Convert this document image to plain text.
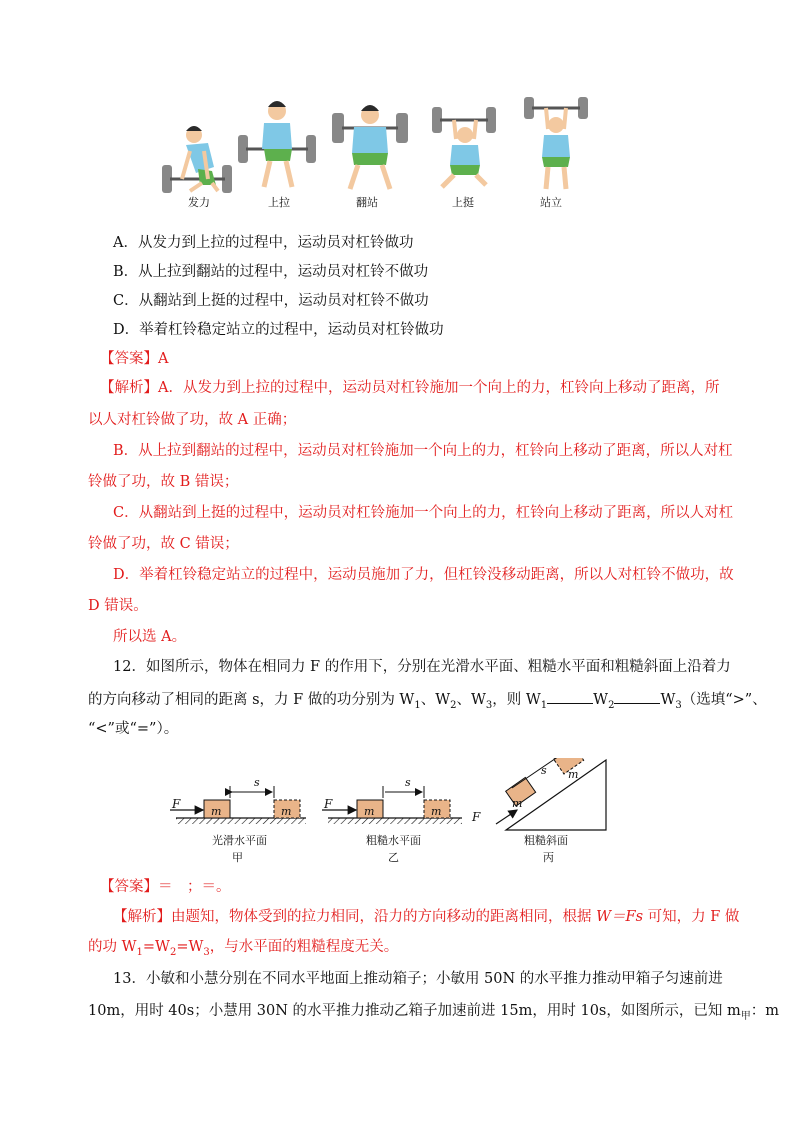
发力	上拉	翻站	上挺	站立
A．从发力到上拉的过程中，运动员对杠铃做功
B．从上拉到翻站的过程中，运动员对杠铃不做功
C．从翻站到上挺的过程中，运动员对杠铃不做功
D．举着杠铃稳定站立的过程中，运动员对杠铃做功
【答案】A
【解析】A．从发力到上拉的过程中，运动员对杠铃施加一个向上的力，杠铃向上移动了距离，所
以人对杠铃做了功，故 A 正确；
B．从上拉到翻站的过程中，运动员对杠铃施加一个向上的力，杠铃向上移动了距离，所以人对杠
铃做了功，故 B 错误；
C．从翻站到上挺的过程中，运动员对杠铃施加一个向上的力，杠铃向上移动了距离，所以人对杠
铃做了功，故 C 错误；
D．举着杠铃稳定站立的过程中，运动员施加了力，但杠铃没移动距离，所以人对杠铃不做功，故
D 错误。
所以选 A。
12．如图所示，物体在相同力 F 的作用下，分别在光滑水平面、粗糙水平面和粗糙斜面上沿着力
的方向移动了相同的距离 s，力 F 做的功分别为 $W_1$、$W_2$、$W_3$，则 $W_1$	$W_2$	$W_3$（选填“>”、
“<”或“=”）。
F
m	m
s
F
m	m
s
F
m
m
s
光滑水平面	粗糙水平面	粗糙斜面
甲	乙	丙
【答案】＝　；＝。
【解析】由题知，物体受到的拉力相同，沿力的方向移动的距离相同，根据 W＝Fs 可知，力 F 做
的功 $W_1=W_2=W_3$，与水平面的粗糙程度无关。
13．小敏和小慧分别在不同水平地面上推动箱子；小敏用 50N 的水平推力推动甲箱子匀速前进
10m，用时 40s；小慧用 30N 的水平推力推动乙箱子加速前进 15m，用时 10s，如图所示，已知 $m_甲$：m
